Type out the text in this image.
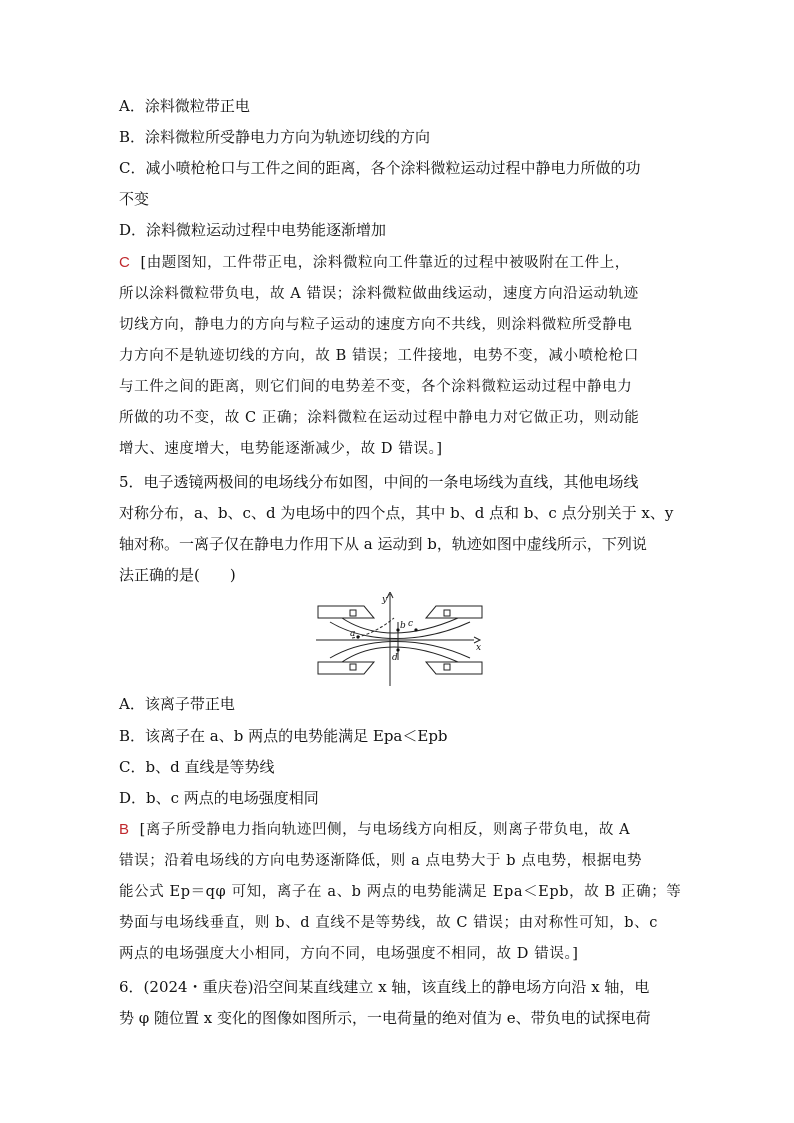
A．涂料微粒带正电
B．涂料微粒所受静电力方向为轨迹切线的方向
C．减小喷枪枪口与工件之间的距离，各个涂料微粒运动过程中静电力所做的功
不变
D．涂料微粒运动过程中电势能逐渐增加
C [由题图知，工件带正电，涂料微粒向工件靠近的过程中被吸附在工件上，
所以涂料微粒带负电，故 A 错误；涂料微粒做曲线运动，速度方向沿运动轨迹
切线方向，静电力的方向与粒子运动的速度方向不共线，则涂料微粒所受静电
力方向不是轨迹切线的方向，故 B 错误；工件接地，电势不变，减小喷枪枪口
与工件之间的距离，则它们间的电势差不变，各个涂料微粒运动过程中静电力
所做的功不变，故 C 正确；涂料微粒在运动过程中静电力对它做正功，则动能
增大、速度增大，电势能逐渐减少，故 D 错误。]
5．电子透镜两极间的电场线分布如图，中间的一条电场线为直线，其他电场线
对称分布，a、b、c、d 为电场中的四个点，其中 b、d 点和 b、c 点分别关于 x、y
轴对称。一离子仅在静电力作用下从 a 运动到 b，轨迹如图中虚线所示，下列说
法正确的是(　　)
y
x
a
b c
d
A．该离子带正电
B．该离子在 a、b 两点的电势能满足 Epa＜Epb
C．b、d 直线是等势线
D．b、c 两点的电场强度相同
B [离子所受静电力指向轨迹凹侧，与电场线方向相反，则离子带负电，故 A
错误；沿着电场线的方向电势逐渐降低，则 a 点电势大于 b 点电势，根据电势
能公式 Ep＝qφ 可知，离子在 a、b 两点的电势能满足 Epa＜Epb，故 B 正确；等
势面与电场线垂直，则 b、d 直线不是等势线，故 C 错误；由对称性可知，b、c
两点的电场强度大小相同，方向不同，电场强度不相同，故 D 错误。]
6．(2024・重庆卷)沿空间某直线建立 x 轴，该直线上的静电场方向沿 x 轴，电
势 φ 随位置 x 变化的图像如图所示，一电荷量的绝对值为 e、带负电的试探电荷
